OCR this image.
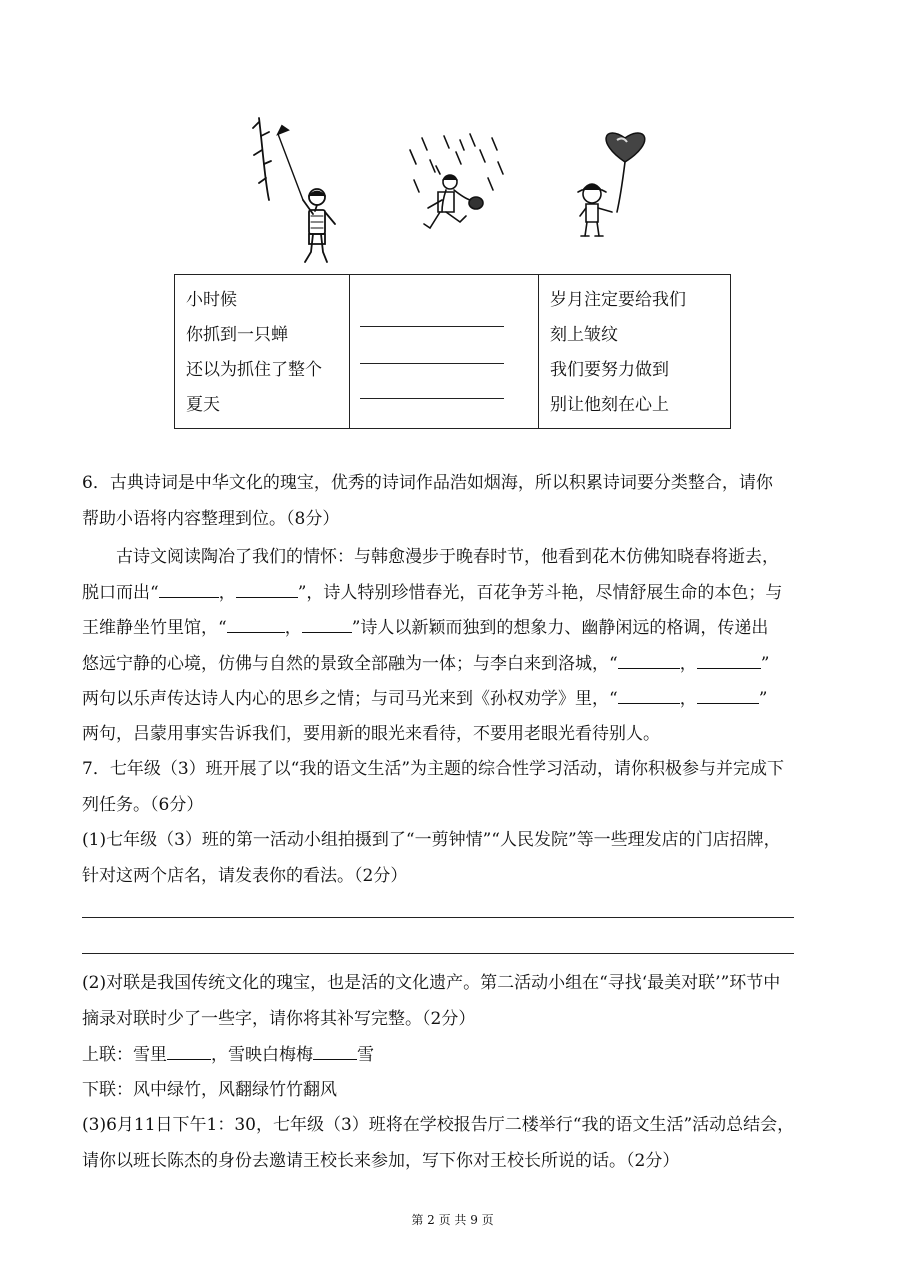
小时候
你抓到一只蝉
还以为抓住了整个
夏天

岁月注定要给我们
刻上皱纹
我们要努力做到
别让他刻在心上
6．古典诗词是中华文化的瑰宝，优秀的诗词作品浩如烟海，所以积累诗词要分类整合，请你
帮助小语将内容整理到位。（8分）
古诗文阅读陶冶了我们的情怀：与韩愈漫步于晚春时节，他看到花木仿佛知晓春将逝去，
脱口而出“	，	”，诗人特别珍惜春光，百花争芳斗艳，尽情舒展生命的本色；与
王维静坐竹里馆，“	，	”诗人以新颖而独到的想象力、幽静闲远的格调，传递出
悠远宁静的心境，仿佛与自然的景致全部融为一体；与李白来到洛城，“	，	”
两句以乐声传达诗人内心的思乡之情；与司马光来到《孙权劝学》里，“	，	”
两句，吕蒙用事实告诉我们，要用新的眼光来看待，不要用老眼光看待别人。
7．七年级（3）班开展了以“我的语文生活”为主题的综合性学习活动，请你积极参与并完成下
列任务。（6分）
(1)七年级（3）班的第一活动小组拍摄到了“一剪钟情”“人民发院”等一些理发店的门店招牌，
针对这两个店名，请发表你的看法。（2分）
(2)对联是我国传统文化的瑰宝，也是活的文化遗产。第二活动小组在“寻找‘最美对联’”环节中
摘录对联时少了一些字，请你将其补写完整。（2分）
上联：雪里	，雪映白梅梅	雪
下联：风中绿竹，风翻绿竹竹翻风
(3)6月11日下午1：30，七年级（3）班将在学校报告厅二楼举行“我的语文生活”活动总结会，
请你以班长陈杰的身份去邀请王校长来参加，写下你对王校长所说的话。（2分）
第 2 页 共 9 页
